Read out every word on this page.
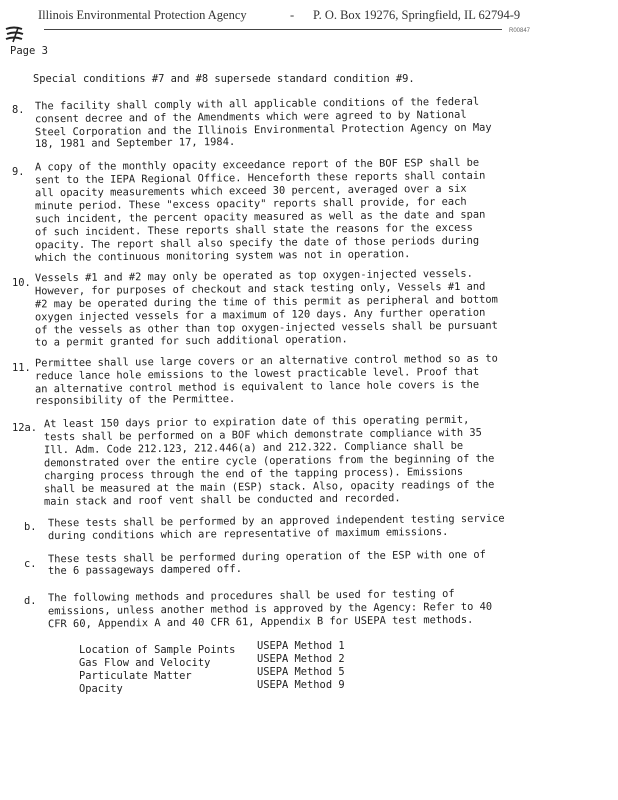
Illinois Environmental Protection Agency	- P. O. Box 19276, Springfield, IL 62794-9
R00847
Page 3
Special conditions #7 and #8 supersede standard condition #9.
8. The facility shall comply with all applicable conditions of the federal
consent decree and of the Amendments which were agreed to by National
Steel Corporation and the Illinois Environmental Protection Agency on May
18, 1981 and September 17, 1984.
9. A copy of the monthly opacity exceedance report of the BOF ESP shall be
sent to the IEPA Regional Office. Henceforth these reports shall contain
all opacity measurements which exceed 30 percent, averaged over a six
minute period. These "excess opacity" reports shall provide, for each
such incident, the percent opacity measured as well as the date and span
of such incident. These reports shall state the reasons for the excess
opacity. The report shall also specify the date of those periods during
which the continuous monitoring system was not in operation.
10. Vessels #1 and #2 may only be operated as top oxygen-injected vessels.
However, for purposes of checkout and stack testing only, Vessels #1 and
#2 may be operated during the time of this permit as peripheral and bottom
oxygen injected vessels for a maximum of 120 days. Any further operation
of the vessels as other than top oxygen-injected vessels shall be pursuant
to a permit granted for such additional operation.
11. Permittee shall use large covers or an alternative control method so as to
reduce lance hole emissions to the lowest practicable level. Proof that
an alternative control method is equivalent to lance hole covers is the
responsibility of the Permittee.
12a. At least 150 days prior to expiration date of this operating permit,
tests shall be performed on a BOF which demonstrate compliance with 35
Ill. Adm. Code 212.123, 212.446(a) and 212.322. Compliance shall be
demonstrated over the entire cycle (operations from the beginning of the
charging process through the end of the tapping process). Emissions
shall be measured at the main (ESP) stack. Also, opacity readings of the
main stack and roof vent shall be conducted and recorded.
b. These tests shall be performed by an approved independent testing service
during conditions which are representative of maximum emissions.
c. These tests shall be performed during operation of the ESP with one of
the 6 passageways dampered off.
d. The following methods and procedures shall be used for testing of
emissions, unless another method is approved by the Agency: Refer to 40
CFR 60, Appendix A and 40 CFR 61, Appendix B for USEPA test methods.
Location of Sample Points
Gas Flow and Velocity
Particulate Matter
Opacity
USEPA Method 1
USEPA Method 2
USEPA Method 5
USEPA Method 9
